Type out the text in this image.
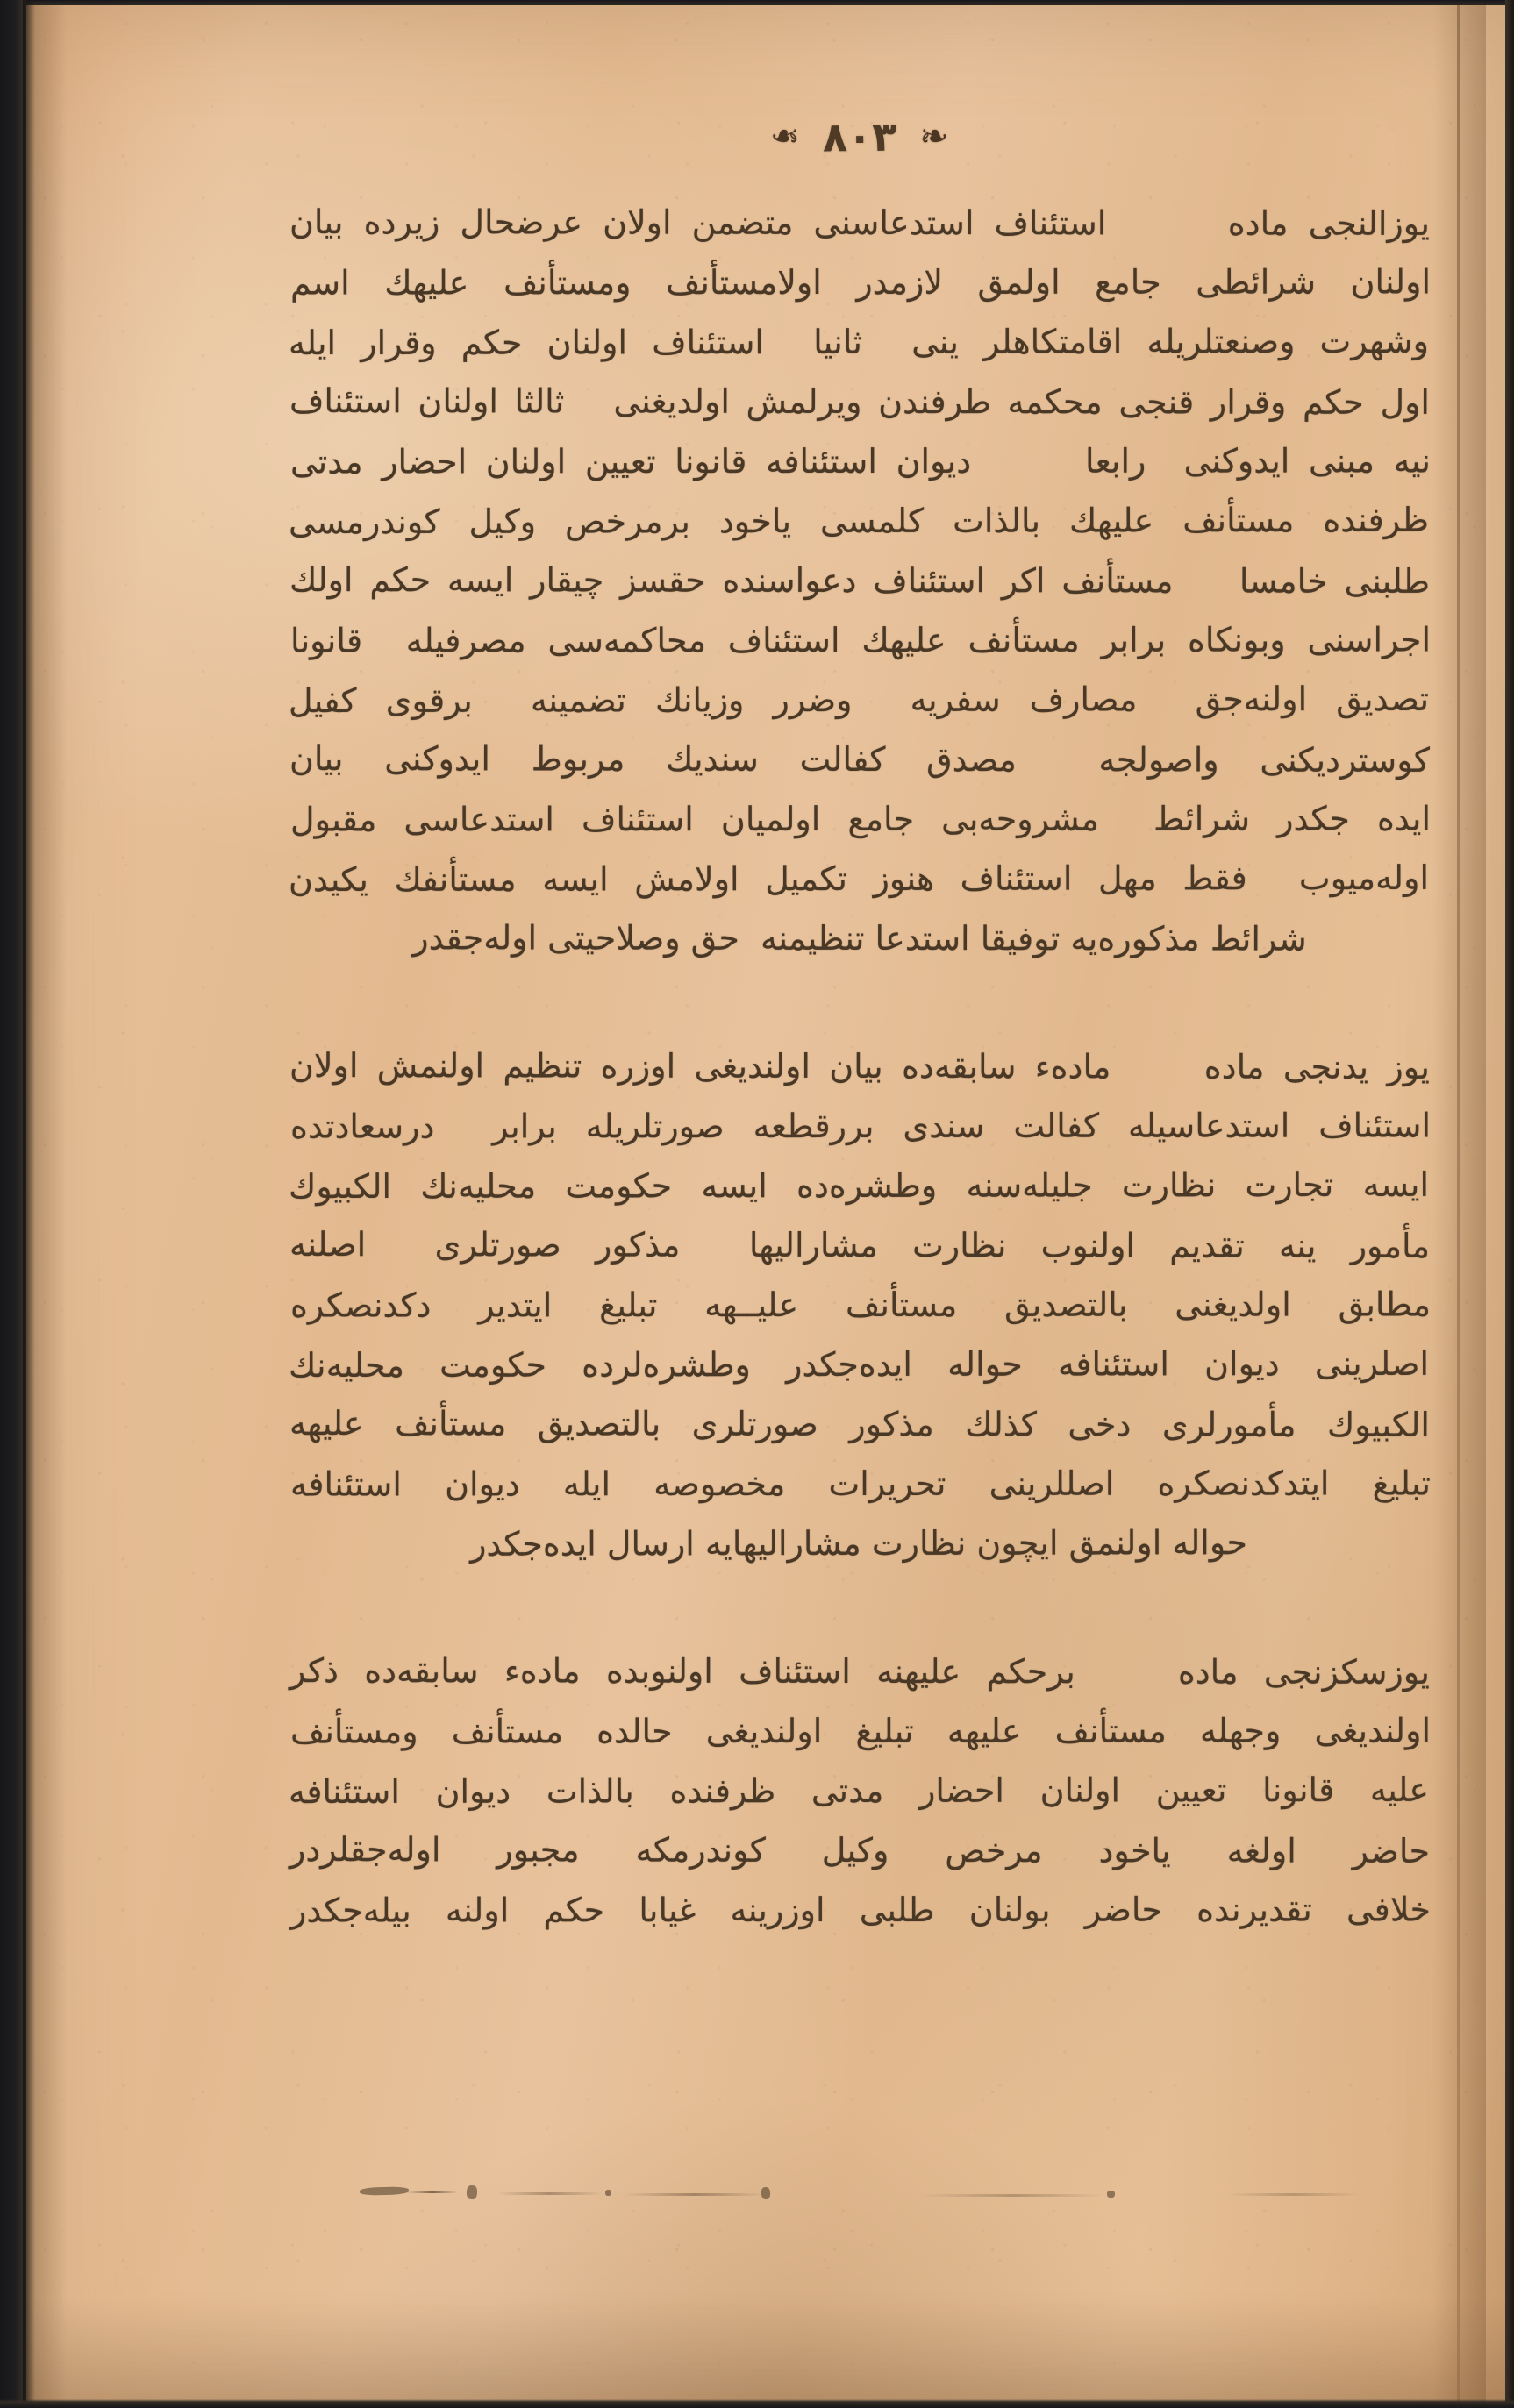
❧
۸۰۳
❧
يوزالنجی ماده      استئناف استدعاسنی متضمن اولان عرضحال زيرده بيان
اولنان شرائطی جامع اولمق لازمدر اولامستأنف ومستأنف عليهك اسم
وشهرت وصنعتلريله اقامتكاهلر ينی  ثانيا  استئناف اولنان حكم وقرار ايله
اول حكم وقرار قنجی محكمه طرفندن ويرلمش اولديغنی   ثالثا اولنان استئناف
نيه مبنی ايدوكنی  رابعا      ديوان استئنافه قانونا تعيين اولنان احضار مدتی
ظرفنده مستأنف عليهك بالذات كلمسی ياخود برمرخص وكيل كوندرمسی
طلبنی خامسا    مستأنف اكر استئناف دعواسنده حقسز چيقار ايسه حكم اولك
اجراسنی وبونكاه برابر مستأنف عليهك استئناف محاكمه‌سی مصرفيله  قانونا
تصديق اولنه‌جق  مصارف سفريه  وضرر وزيانك تضمينه  برقوی كفيل
كوسترديكنی واصولجه  مصدق كفالت سنديك مربوط ايدوكنی بيان
ايده جكدر شرائط  مشروحه‌بی جامع اولميان استئناف استدعاسی مقبول
اوله‌ميوب  فقط مهل استئناف هنوز تكميل اولامش ايسه مستأنفك يكيدن
شرائط مذكورەيه توفيقا استدعا تنظيمنه  حق وصلاحيتی اوله‌جقدر
يوز يدنجی ماده     ماده‌ء سابقه‌ده بيان اولنديغی اوزره تنظيم اولنمش اولان
استئناف استدعاسيله كفالت سندی بررقطعه صورتلريله برابر  درسعادتده
ايسه تجارت نظارت جليله‌سنه وطشره‌ده ايسه حكومت محليه‌نك الكبيوك
مأمور ينه تقديم اولنوب نظارت مشاراليها  مذكور صورتلری  اصلنه
مطابق اولديغنی بالتصديق مستأنف عليــهه تبليغ ايتدير دكدنصكره
اصلرينی ديوان استئنافه حواله ايده‌جكدر وطشره‌لرده حكومت محليه‌نك
الكبيوك مأمورلری دخی كذلك مذكور صورتلری بالتصديق مستأنف عليهه
تبليغ ايتدكدنصكره اصللرينی تحريرات مخصوصه ايله ديوان استئنافه
حواله اولنمق ايچون نظارت مشاراليهايه ارسال ايده‌جكدر
يوزسكزنجی ماده    برحكم عليهنه استئناف اولنوبده ماده‌ء سابقه‌ده ذكر
اولنديغی وجهله مستأنف عليهه تبليغ اولنديغی حالده مستأنف ومستأنف
عليه قانونا تعيين اولنان احضار مدتی ظرفنده بالذات ديوان استئنافه
حاضر اولغه ياخود مرخص وكيل كوندرمكه مجبور اوله‌جقلردر
خلافی تقديرنده حاضر بولنان طلبی اوزرينه غيابا حكم اولنه بيله‌جكدر
